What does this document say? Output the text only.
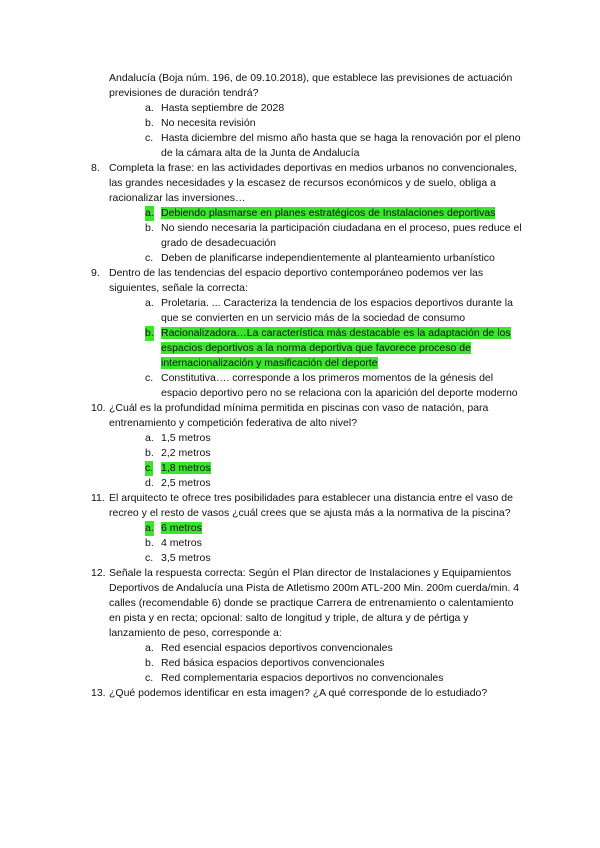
Andalucía (Boja núm. 196, de 09.10.2018), que establece las previsiones de actuación previsiones de duración tendrá?
a. Hasta septiembre de 2028
b. No necesita revisión
c. Hasta diciembre del mismo año hasta que se haga la renovación por el pleno de la cámara alta de la Junta de Andalucía
8. Completa la frase: en las actividades deportivas en medios urbanos no convencionales, las grandes necesidades y la escasez de recursos económicos y de suelo, obliga a racionalizar las inversiones…
a. Debiendo plasmarse en planes estratégicos de Instalaciones deportivas
b. No siendo necesaria la participación ciudadana en el proceso, pues reduce el grado de desadecuación
c. Deben de planificarse independientemente al planteamiento urbanístico
9. Dentro de las tendencias del espacio deportivo contemporáneo podemos ver las siguientes, señale la correcta:
a. Proletaria. ... Caracteriza la tendencia de los espacios deportivos durante la que se convierten en un servicio más de la sociedad de consumo
b. Racionalizadora…La característica más destacable es la adaptación de los espacios deportivos a la norma deportiva que favorece proceso de internacionalización y masificación del deporte
c. Constitutiva…. corresponde a los primeros momentos de la génesis del espacio deportivo pero no se relaciona con la aparición del deporte moderno
10. ¿Cuál es la profundidad mínima permitida en piscinas con vaso de natación, para entrenamiento y competición federativa de alto nivel?
a. 1,5 metros
b. 2,2 metros
c. 1,8 metros
d. 2,5 metros
11. El arquitecto te ofrece tres posibilidades para establecer una distancia entre el vaso de recreo y el resto de vasos ¿cuál crees que se ajusta más a la normativa de la piscina?
a. 6 metros
b. 4 metros
c. 3,5 metros
12. Señale la respuesta correcta: Según el Plan director de Instalaciones y Equipamientos Deportivos de Andalucía una Pista de Atletismo 200m ATL-200 Min. 200m cuerda/min. 4 calles (recomendable 6) donde se practique Carrera de entrenamiento o calentamiento en pista y en recta; opcional: salto de longitud y triple, de altura y de pértiga y lanzamiento de peso, corresponde a:
a. Red esencial espacios deportivos convencionales
b. Red básica espacios deportivos convencionales
c. Red complementaria espacios deportivos no convencionales
13. ¿Qué podemos identificar en esta imagen? ¿A qué corresponde de lo estudiado?
